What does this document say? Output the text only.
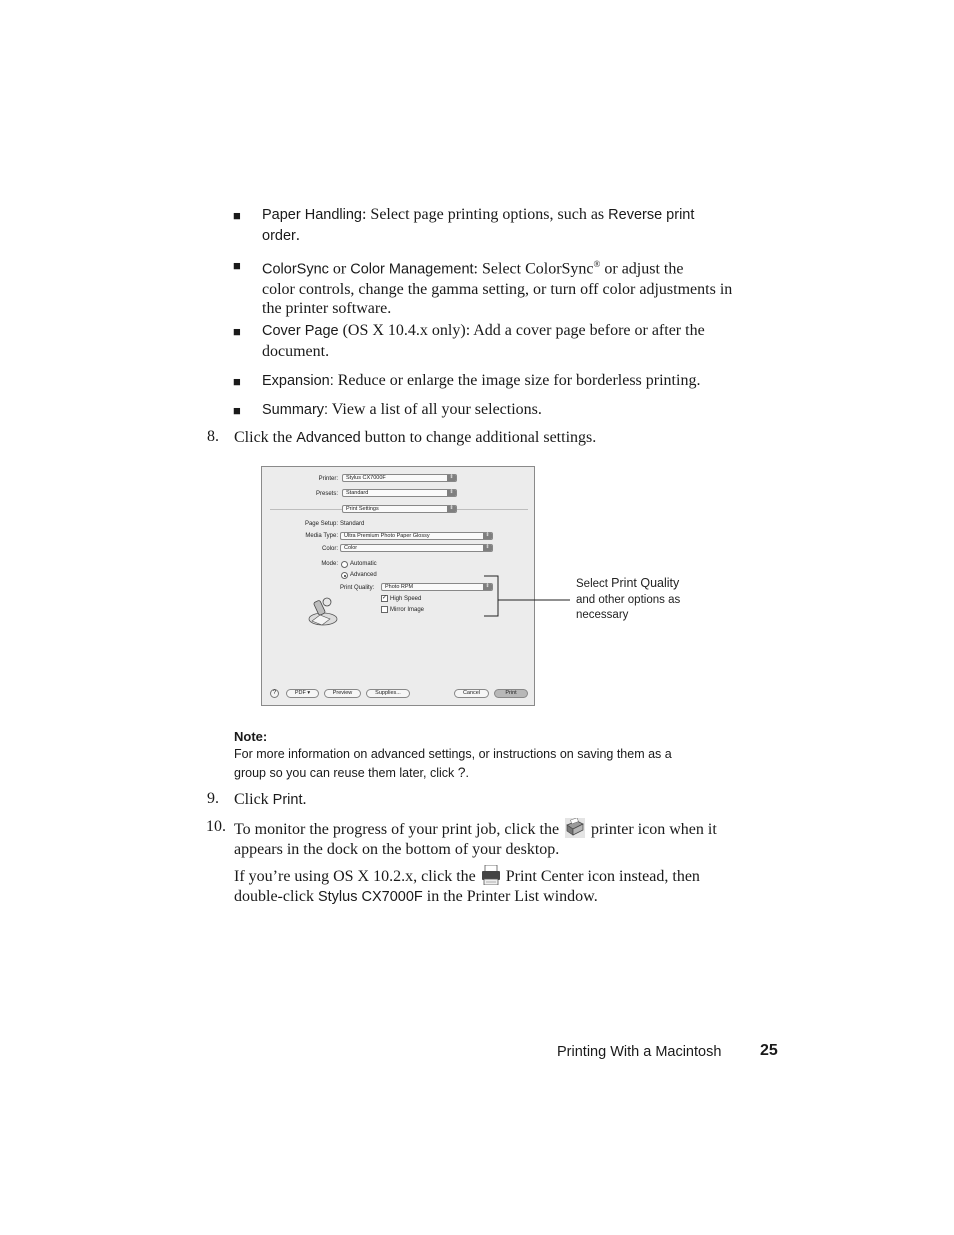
■ Paper Handling: Select page printing options, such as Reverse print
order.
■ ColorSync or Color Management: Select ColorSync® or adjust the
color controls, change the gamma setting, or turn off color adjustments in
the printer software.
■ Cover Page (OS X 10.4.x only): Add a cover page before or after the
document.
■ Expansion: Reduce or enlarge the image size for borderless printing.
■ Summary: View a list of all your selections.
8. Click the Advanced button to change additional settings.
Printer: Stylus CX7000F	⇕
Presets: Standard	⇕
Print Settings	⇕
Page Setup: Standard
Media Type: Ultra Premium Photo Paper Glossy	⇕
Color: Color	⇕
Mode: Automatic
Advanced
Print Quality: Photo RPM	⇕
✓ High Speed
Mirror Image
?	PDF ▾	Preview	Supplies...	Cancel	Print
Select Print Quality
and other options as
necessary
Note:
For more information on advanced settings, or instructions on saving them as a
group so you can reuse them later, click ?.
9. Click Print.
10. To monitor the progress of your print job, click the  printer icon when it
appears in the dock on the bottom of your desktop.
If you’re using OS X 10.2.x, click the  Print Center icon instead, then
double-click Stylus CX7000F in the Printer List window.
Printing With a Macintosh 25
